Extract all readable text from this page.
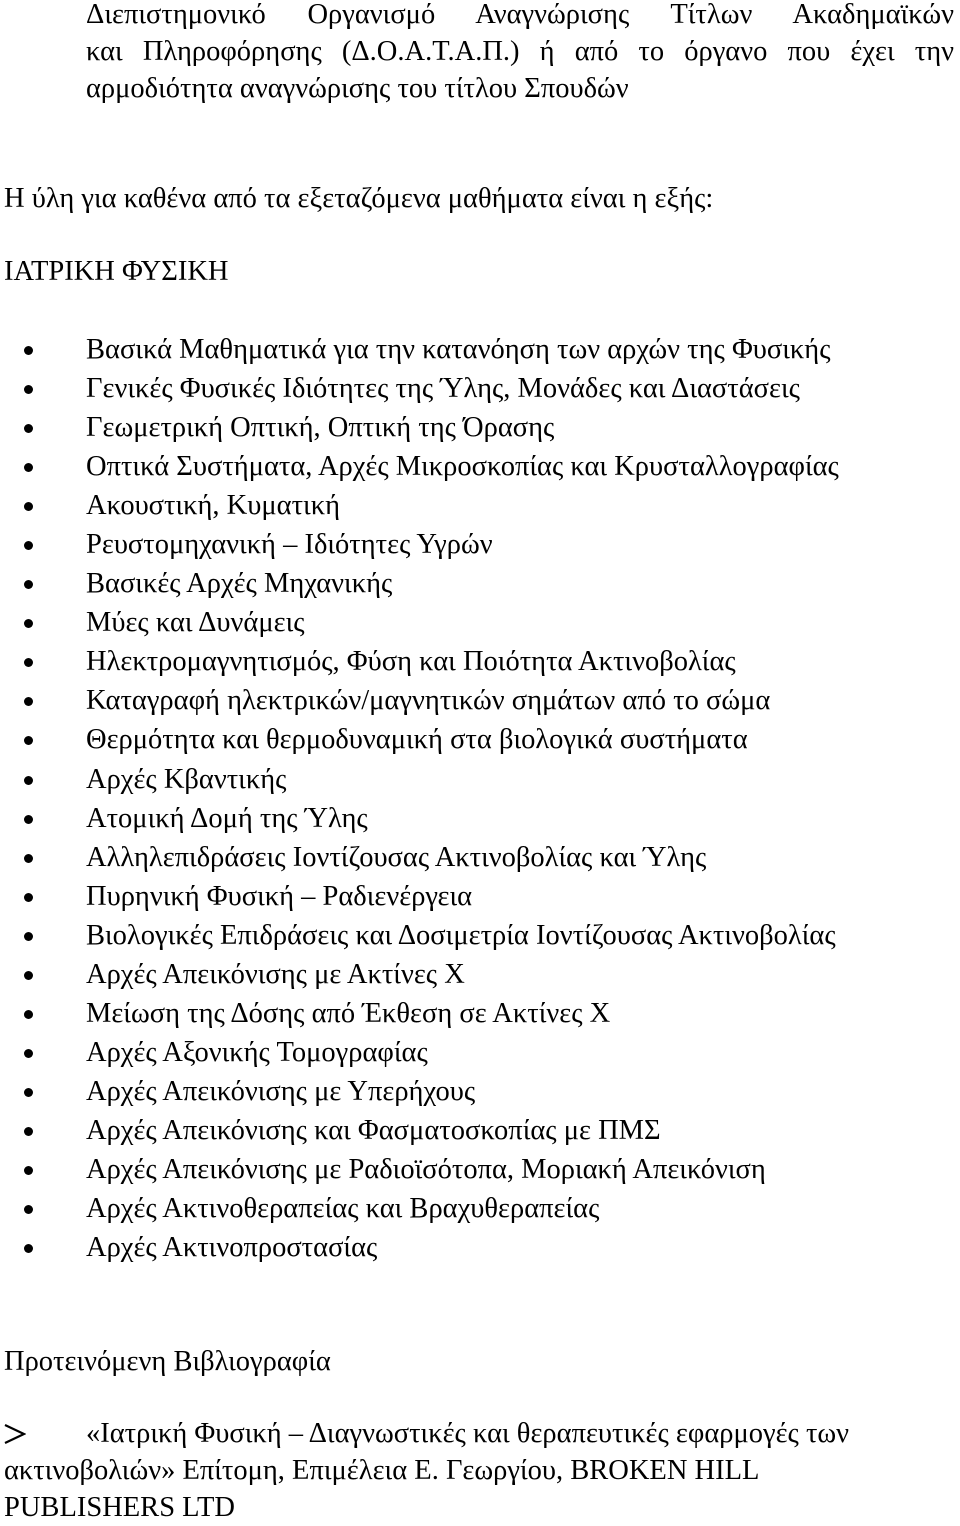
Διεπιστημονικό Οργανισμό Αναγνώρισης Τίτλων Ακαδημαϊκών
και Πληροφόρησης (Δ.Ο.Α.Τ.Α.Π.) ή από το όργανο που έχει την
αρμοδιότητα αναγνώρισης του τίτλου Σπουδών
Η ύλη για καθένα από τα εξεταζόμενα μαθήματα είναι η εξής:
ΙΑΤΡΙΚΗ ΦΥΣΙΚΗ
Βασικά Μαθηματικά για την κατανόηση των αρχών της Φυσικής
Γενικές Φυσικές Ιδιότητες της Ύλης, Μονάδες και Διαστάσεις
Γεωμετρική Οπτική, Οπτική της Όρασης
Οπτικά Συστήματα, Αρχές Μικροσκοπίας και Κρυσταλλογραφίας
Ακουστική, Κυματική
Ρευστομηχανική – Ιδιότητες Υγρών
Βασικές Αρχές Μηχανικής
Μύες και Δυνάμεις
Ηλεκτρομαγνητισμός, Φύση και Ποιότητα Ακτινοβολίας
Καταγραφή ηλεκτρικών/μαγνητικών σημάτων από το σώμα
Θερμότητα και θερμοδυναμική στα βιολογικά συστήματα
Αρχές Κβαντικής
Ατομική Δομή της Ύλης
Αλληλεπιδράσεις Ιοντίζουσας Ακτινοβολίας και Ύλης
Πυρηνική Φυσική – Ραδιενέργεια
Βιολογικές Επιδράσεις και Δοσιμετρία Ιοντίζουσας Ακτινοβολίας
Αρχές Απεικόνισης με Ακτίνες Χ
Μείωση της Δόσης από Έκθεση σε Ακτίνες Χ
Αρχές Αξονικής Τομογραφίας
Αρχές Απεικόνισης με Υπερήχους
Αρχές Απεικόνισης και Φασματοσκοπίας με ΠΜΣ
Αρχές Απεικόνισης με Ραδιοϊσότοπα, Μοριακή Απεικόνιση
Αρχές Ακτινοθεραπείας και Βραχυθεραπείας
Αρχές Ακτινοπροστασίας
Προτεινόμενη Βιβλιογραφία
«Ιατρική Φυσική – Διαγνωστικές και θεραπευτικές εφαρμογές των
ακτινοβολιών» Επίτομη, Επιμέλεια Ε. Γεωργίου, BROKEN HILL
PUBLISHERS LTD
